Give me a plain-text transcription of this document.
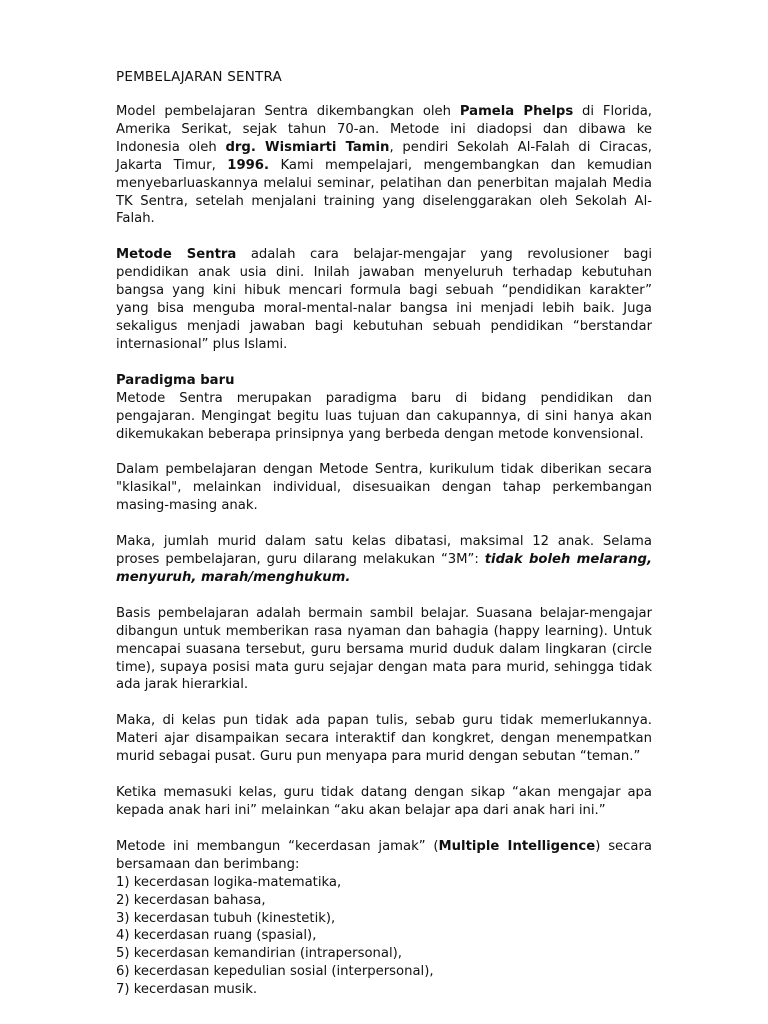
PEMBELAJARAN SENTRA

Model pembelajaran Sentra dikembangkan oleh Pamela Phelps di Florida, Amerika Serikat, sejak tahun 70-an. Metode ini diadopsi dan dibawa ke Indonesia oleh drg. Wismiarti Tamin, pendiri Sekolah Al-Falah di Ciracas, Jakarta Timur, 1996. Kami mempelajari, mengembangkan dan kemudian menyebarluaskannya melalui seminar, pelatihan dan penerbitan majalah Media TK Sentra, setelah menjalani training yang diselenggarakan oleh Sekolah Al-Falah.

Metode Sentra adalah cara belajar-mengajar yang revolusioner bagi pendidikan anak usia dini. Inilah jawaban menyeluruh terhadap kebutuhan bangsa yang kini hibuk mencari formula bagi sebuah “pendidikan karakter” yang bisa menguba moral-mental-nalar bangsa ini menjadi lebih baik. Juga sekaligus menjadi jawaban bagi kebutuhan sebuah pendidikan “berstandar internasional” plus Islami.

Paradigma baru
Metode Sentra merupakan paradigma baru di bidang pendidikan dan pengajaran. Mengingat begitu luas tujuan dan cakupannya, di sini hanya akan dikemukakan beberapa prinsipnya yang berbeda dengan metode konvensional.

Dalam pembelajaran dengan Metode Sentra, kurikulum tidak diberikan secara "klasikal", melainkan individual, disesuaikan dengan tahap perkembangan masing-masing anak.

Maka, jumlah murid dalam satu kelas dibatasi, maksimal 12 anak. Selama proses pembelajaran, guru dilarang melakukan “3M”: tidak boleh melarang, menyuruh, marah/menghukum.

Basis pembelajaran adalah bermain sambil belajar. Suasana belajar-mengajar dibangun untuk memberikan rasa nyaman dan bahagia (happy learning). Untuk mencapai suasana tersebut, guru bersama murid duduk dalam lingkaran (circle time), supaya posisi mata guru sejajar dengan mata para murid, sehingga tidak ada jarak hierarkial.

Maka, di kelas pun tidak ada papan tulis, sebab guru tidak memerlukannya. Materi ajar disampaikan secara interaktif dan kongkret, dengan menempatkan murid sebagai pusat. Guru pun menyapa para murid dengan sebutan “teman.”

Ketika memasuki kelas, guru tidak datang dengan sikap “akan mengajar apa kepada anak hari ini” melainkan “aku akan belajar apa dari anak hari ini.”

Metode ini membangun “kecerdasan jamak” (Multiple Intelligence) secara bersamaan dan berimbang:

1) kecerdasan logika-matematika,
2) kecerdasan bahasa,
3) kecerdasan tubuh (kinestetik),
4) kecerdasan ruang (spasial),
5) kecerdasan kemandirian (intrapersonal),
6) kecerdasan kepedulian sosial (interpersonal),
7) kecerdasan musik.
